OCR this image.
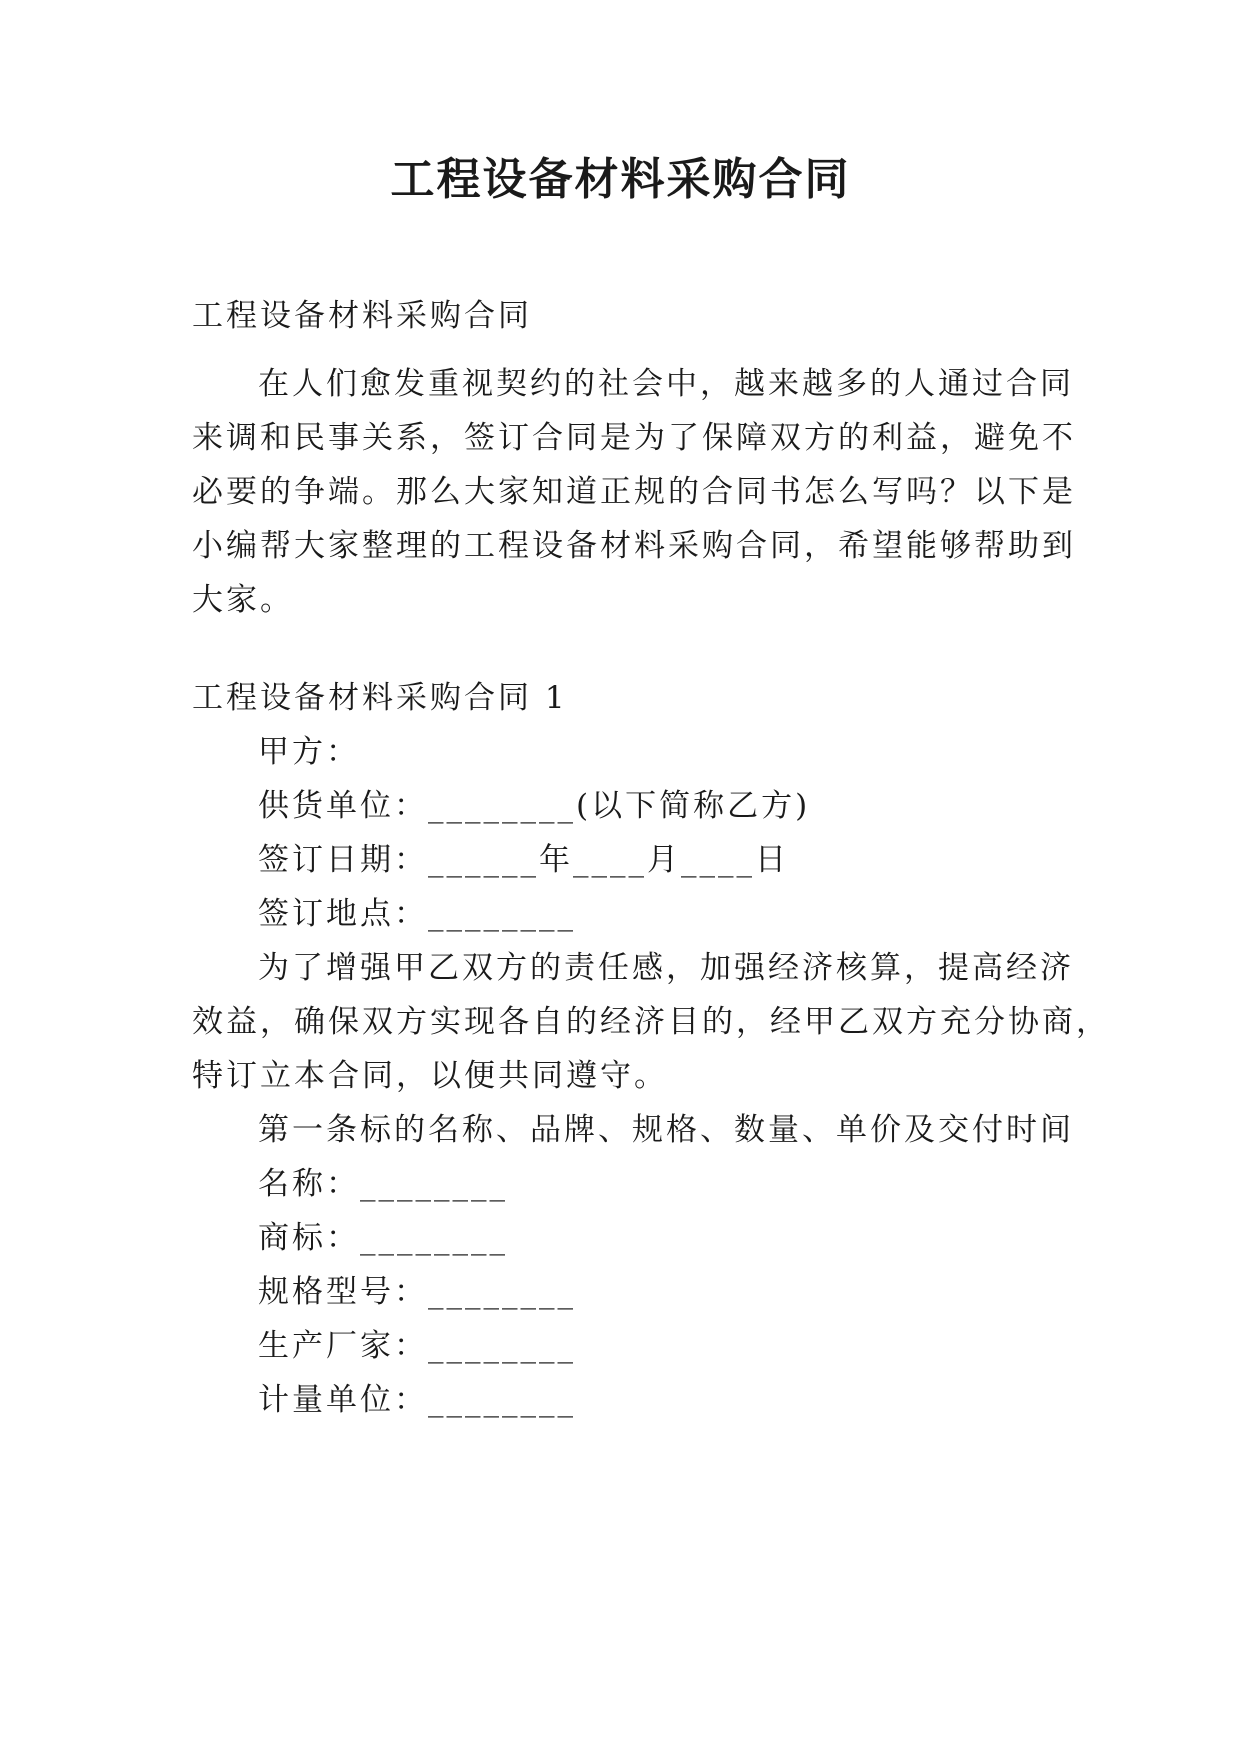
工程设备材料采购合同
工程设备材料采购合同
在人们愈发重视契约的社会中，越来越多的人通过合同
来调和民事关系，签订合同是为了保障双方的利益，避免不
必要的争端。那么大家知道正规的合同书怎么写吗？以下是
小编帮大家整理的工程设备材料采购合同，希望能够帮助到
大家。
工程设备材料采购合同 1
甲方：
供货单位：________(以下简称乙方)
签订日期：______年____月____日
签订地点：________
为了增强甲乙双方的责任感，加强经济核算，提高经济
效益，确保双方实现各自的经济目的，经甲乙双方充分协商，
特订立本合同，以便共同遵守。
第一条标的名称、品牌、规格、数量、单价及交付时间
名称：________
商标：________
规格型号：________
生产厂家：________
计量单位：________
